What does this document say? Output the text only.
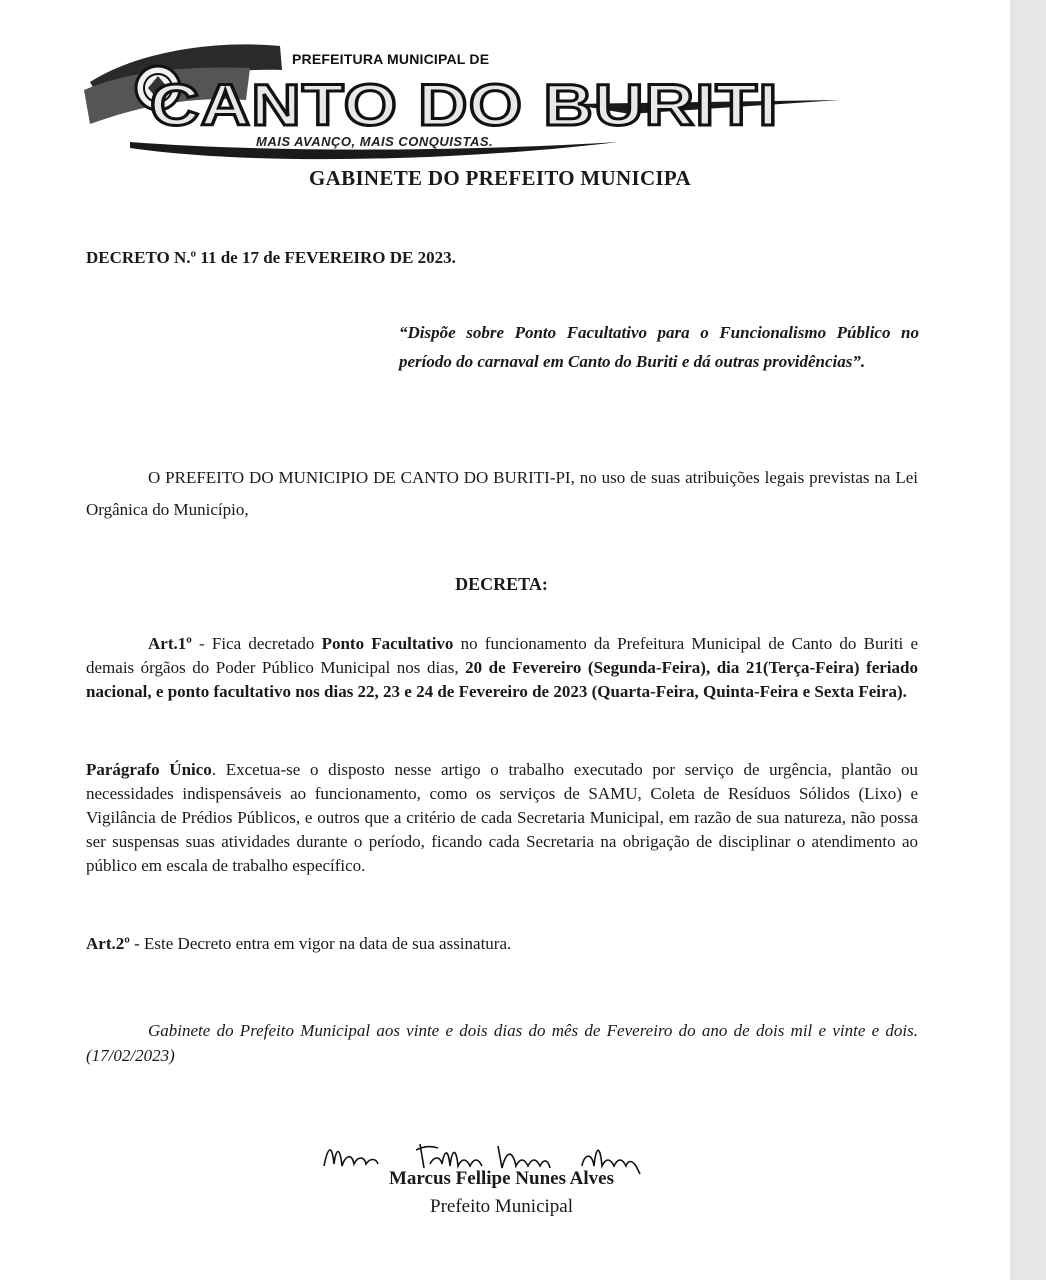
PREFEITURA MUNICIPAL DE
CANTO DO BURITI
MAIS AVANÇO, MAIS CONQUISTAS.
GABINETE DO PREFEITO MUNICIPA
DECRETO N.º 11 de 17 de FEVEREIRO DE 2023.
“Dispõe sobre Ponto Facultativo para o Funcionalismo Público no período do carnaval em Canto do Buriti e dá outras providências”.
O PREFEITO DO MUNICIPIO DE CANTO DO BURITI-PI, no uso de suas atribuições legais previstas na Lei Orgânica do Município,
DECRETA:
Art.1º - Fica decretado Ponto Facultativo no funcionamento da Prefeitura Municipal de Canto do Buriti e demais órgãos do Poder Público Municipal nos dias, 20 de Fevereiro (Segunda-Feira), dia 21(Terça-Feira) feriado nacional, e ponto facultativo nos dias 22, 23 e 24 de Fevereiro de 2023 (Quarta-Feira, Quinta-Feira e Sexta Feira).
Parágrafo Único. Excetua-se o disposto nesse artigo o trabalho executado por serviço de urgência, plantão ou necessidades indispensáveis ao funcionamento, como os serviços de SAMU, Coleta de Resíduos Sólidos (Lixo) e Vigilância de Prédios Públicos, e outros que a critério de cada Secretaria Municipal, em razão de sua natureza, não possa ser suspensas suas atividades durante o período, ficando cada Secretaria na obrigação de disciplinar o atendimento ao público em escala de trabalho específico.
Art.2º - Este Decreto entra em vigor na data de sua assinatura.
Gabinete do Prefeito Municipal aos vinte e dois dias do mês de Fevereiro do ano de dois mil e vinte e dois. (17/02/2023)
Marcus Fellipe Nunes Alves
Prefeito Municipal
